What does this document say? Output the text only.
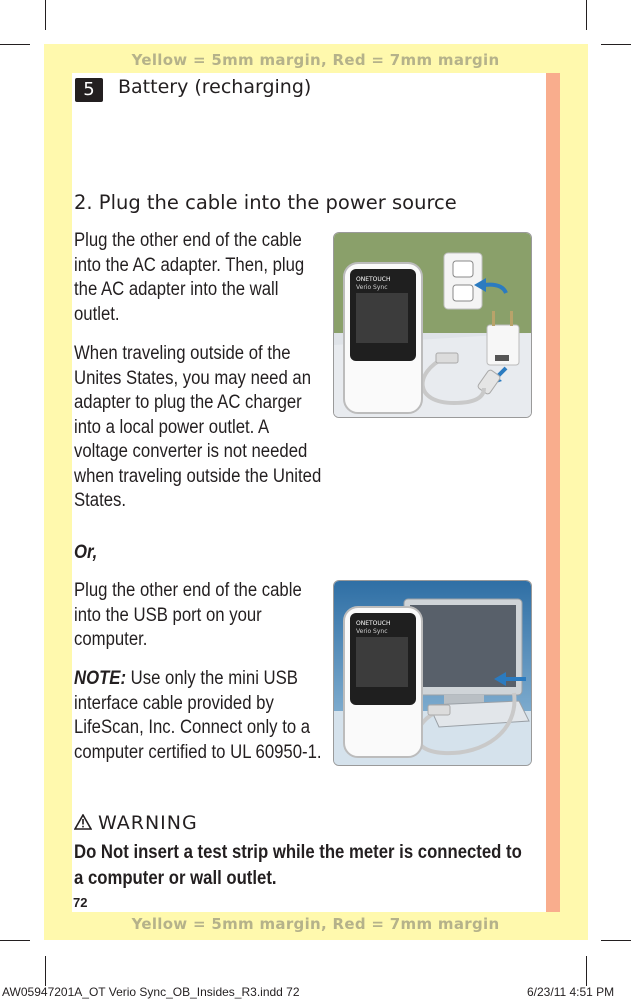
Yellow = 5mm margin, Red = 7mm margin
Yellow = 5mm margin, Red = 7mm margin
5	Battery (recharging)
2. Plug the cable into the power source

Plug the other end of the cable into the AC adapter. Then, plug the AC adapter into the wall outlet.

When traveling outside of the Unites States, you may need an adapter to plug the AC charger into a local power outlet. A voltage converter is not needed when traveling outside the United States.

Or,

Plug the other end of the cable into the USB port on your computer.

NOTE: Use only the mini USB interface cable provided by LifeScan, Inc. Connect only to a computer certified to UL 60950-1.

ONETOUCH
Verio Sync
ONETOUCH
Verio Sync
WARNING
Do Not insert a test strip while the meter is connected to a computer or wall outlet.
72
AW05947201A_OT Verio Sync_OB_Insides_R3.indd 72	6/23/11 4:51 PM
